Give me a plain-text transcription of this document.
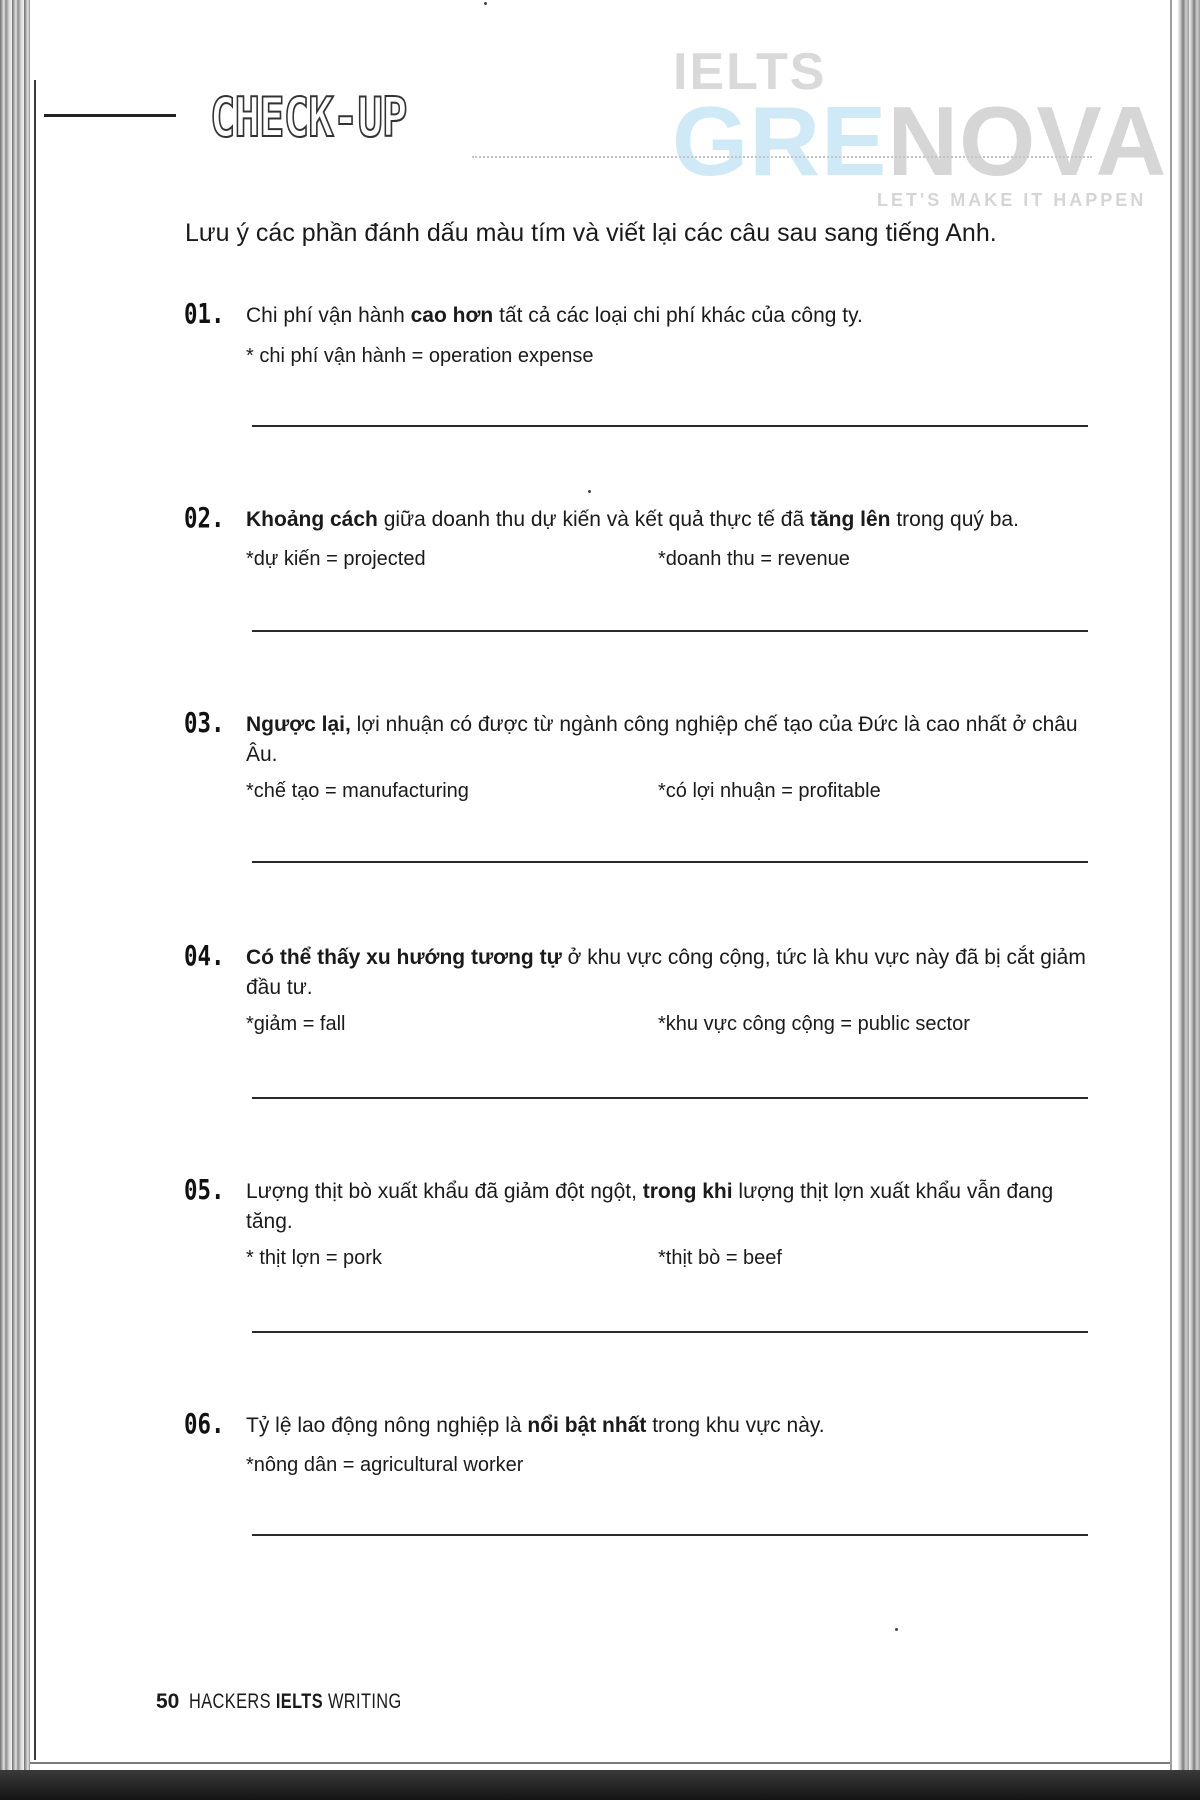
IELTS
GRENOVA
LET'S MAKE IT HAPPEN
CHECK-UP
Lưu ý các phần đánh dấu màu tím và viết lại các câu sau sang tiếng Anh.
01. Chi phí vận hành cao hơn tất cả các loại chi phí khác của công ty.
* chi phí vận hành = operation expense
02. Khoảng cách giữa doanh thu dự kiến và kết quả thực tế đã tăng lên trong quý ba.
*dự kiến = projected	*doanh thu = revenue
03. Ngược lại, lợi nhuận có được từ ngành công nghiệp chế tạo của Đức là cao nhất ở châu Âu.
*chế tạo = manufacturing	*có lợi nhuận = profitable
04. Có thể thấy xu hướng tương tự ở khu vực công cộng, tức là khu vực này đã bị cắt giảm đầu tư.
*giảm = fall	*khu vực công cộng = public sector
05. Lượng thịt bò xuất khẩu đã giảm đột ngột, trong khi lượng thịt lợn xuất khẩu vẫn đang tăng.
* thịt lợn = pork	*thịt bò = beef
06. Tỷ lệ lao động nông nghiệp là nổi bật nhất trong khu vực này.
*nông dân = agricultural worker
50 HACKERS IELTS WRITING
